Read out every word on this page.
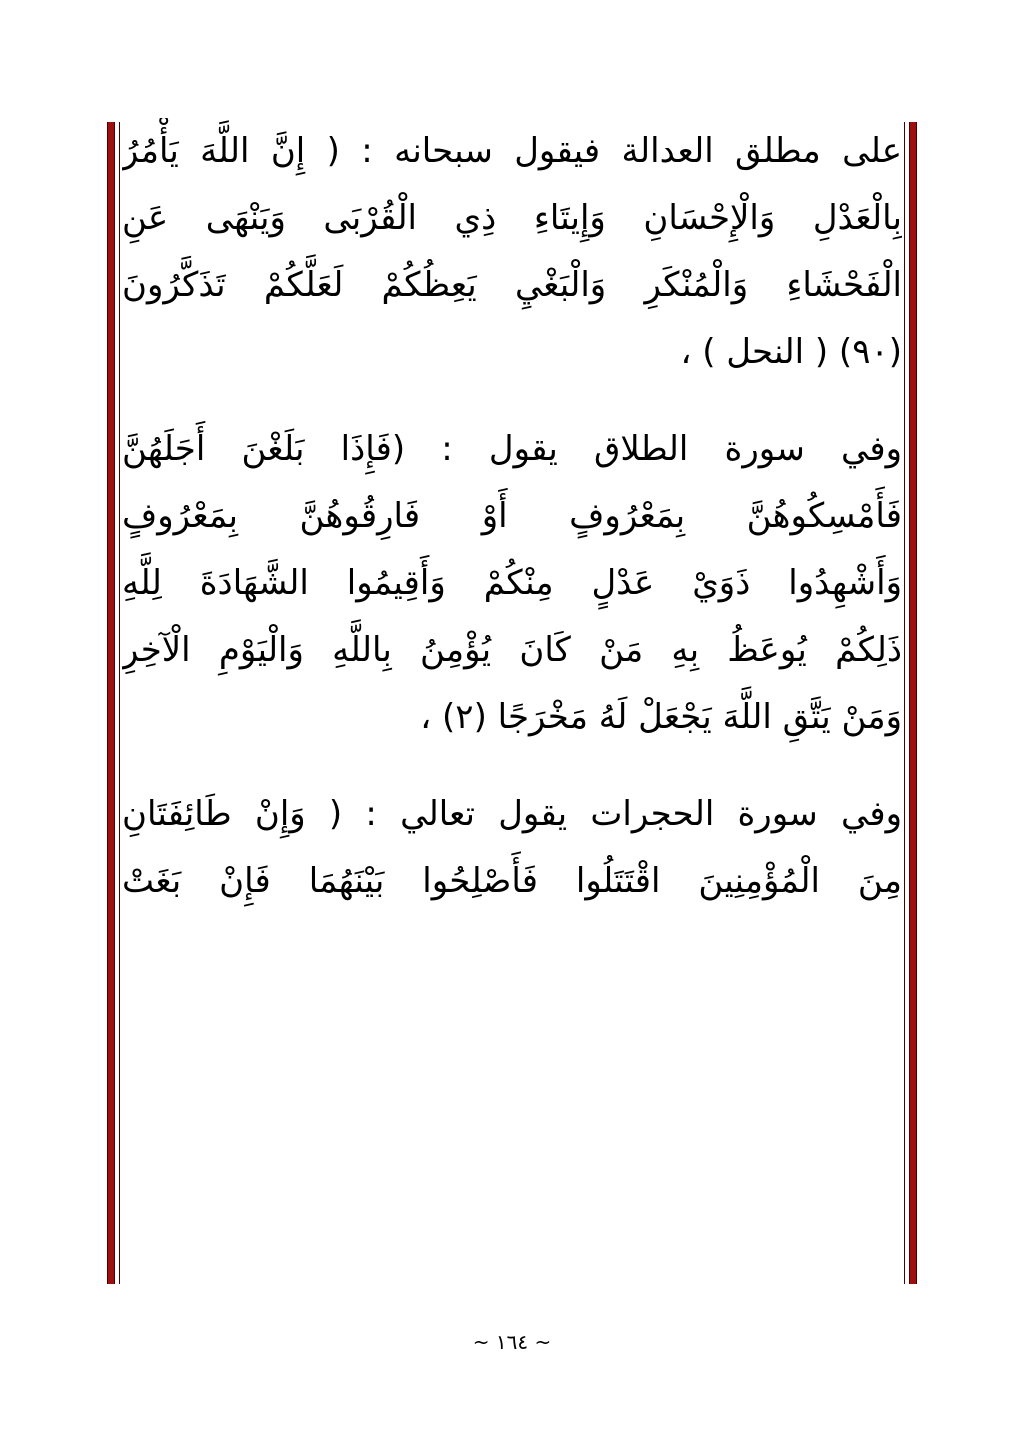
على مطلق العدالة فيقول سبحانه : ( إِنَّ اللَّهَ يَأْمُرُ
بِالْعَدْلِ وَالْإِحْسَانِ وَإِيتَاءِ ذِي الْقُرْبَى وَيَنْهَى عَنِ
الْفَحْشَاءِ وَالْمُنْكَرِ وَالْبَغْيِ يَعِظُكُمْ لَعَلَّكُمْ تَذَكَّرُونَ
(٩٠) ( النحل ) ،
وفي سورة الطلاق يقول : (فَإِذَا بَلَغْنَ أَجَلَهُنَّ
فَأَمْسِكُوهُنَّ بِمَعْرُوفٍ أَوْ فَارِقُوهُنَّ بِمَعْرُوفٍ
وَأَشْهِدُوا ذَوَيْ عَدْلٍ مِنْكُمْ وَأَقِيمُوا الشَّهَادَةَ لِلَّهِ
ذَلِكُمْ يُوعَظُ بِهِ مَنْ كَانَ يُؤْمِنُ بِاللَّهِ وَالْيَوْمِ الْآخِرِ
وَمَنْ يَتَّقِ اللَّهَ يَجْعَلْ لَهُ مَخْرَجًا (٢) ،
وفي سورة الحجرات يقول تعالي : ( وَإِنْ طَائِفَتَانِ
مِنَ الْمُؤْمِنِينَ اقْتَتَلُوا فَأَصْلِحُوا بَيْنَهُمَا فَإِنْ بَغَتْ
~ ١٦٤ ~
